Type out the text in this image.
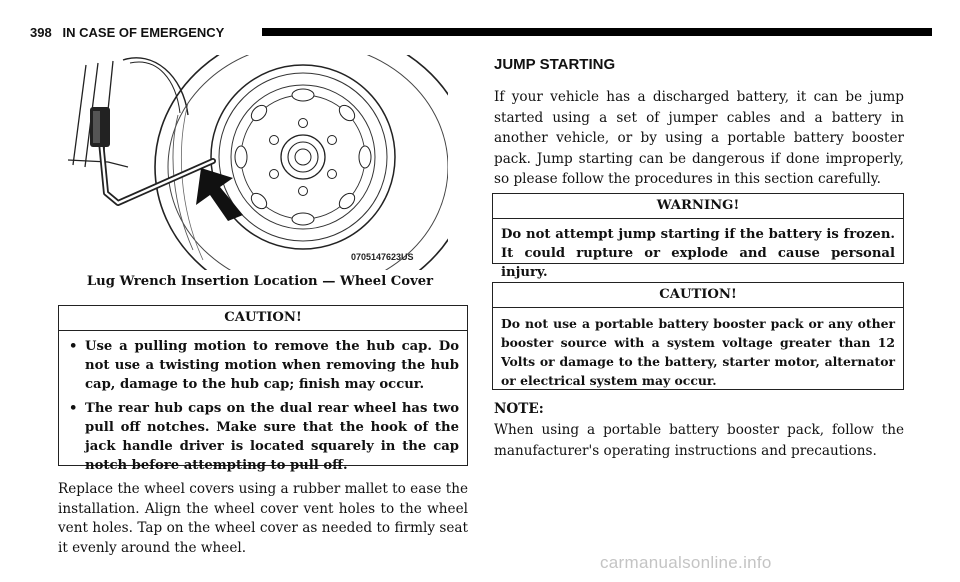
398 IN CASE OF EMERGENCY
0705147623US
Lug Wrench Insertion Location — Wheel Cover
CAUTION!
• Use a pulling motion to remove the hub cap. Do not use a twisting motion when removing the hub cap, damage to the hub cap; finish may occur.
• The rear hub caps on the dual rear wheel has two pull off notches. Make sure that the hook of the jack handle driver is located squarely in the cap notch before attempting to pull off.
Replace the wheel covers using a rubber mallet to ease the installation. Align the wheel cover vent holes to the wheel vent holes. Tap on the wheel cover as needed to firmly seat it evenly around the wheel.
JUMP STARTING
If your vehicle has a discharged battery, it can be jump started using a set of jumper cables and a battery in another vehicle, or by using a portable battery booster pack. Jump starting can be dangerous if done improperly, so please follow the procedures in this section carefully.
WARNING!
Do not attempt jump starting if the battery is frozen. It could rupture or explode and cause personal injury.
CAUTION!
Do not use a portable battery booster pack or any other booster source with a system voltage greater than 12 Volts or damage to the battery, starter motor, alternator or electrical system may occur.
NOTE:
When using a portable battery booster pack, follow the manufacturer's operating instructions and precautions.
carmanualsonline.info
